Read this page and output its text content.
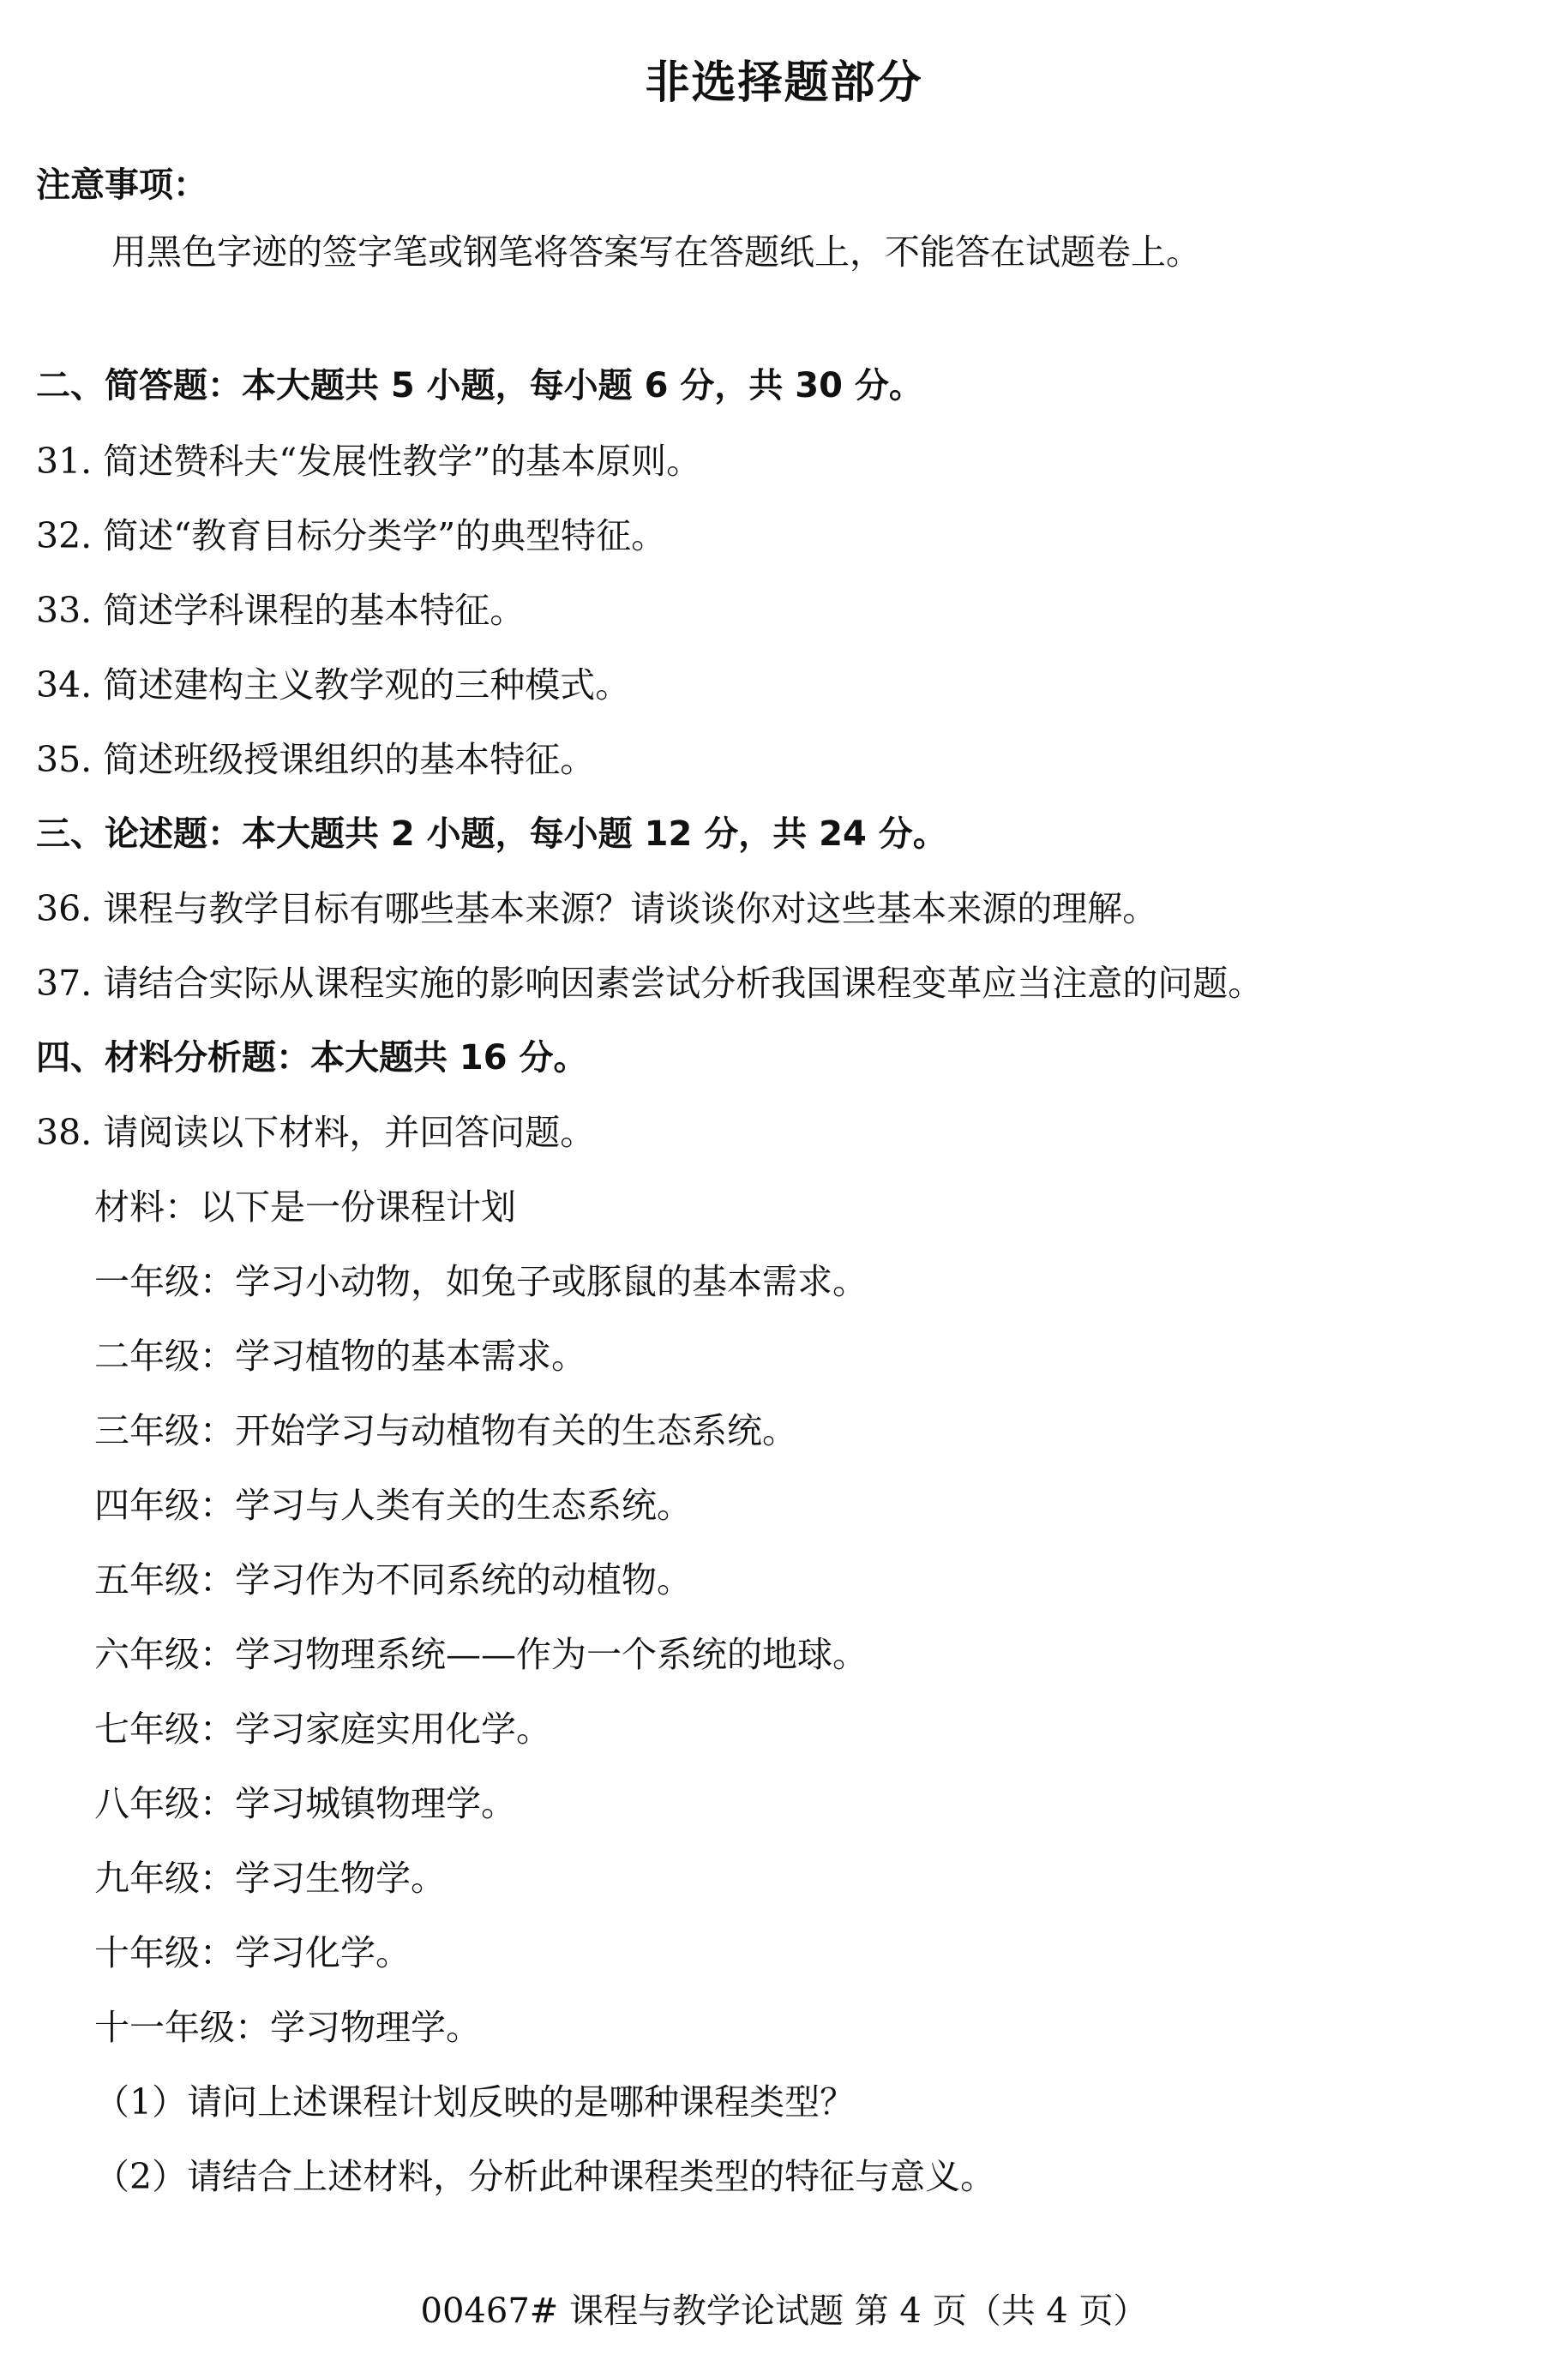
非选择题部分
注意事项：
用黑色字迹的签字笔或钢笔将答案写在答题纸上，不能答在试题卷上。
二、简答题：本大题共 5 小题，每小题 6 分，共 30 分。
31. 简述赞科夫“发展性教学”的基本原则。
32. 简述“教育目标分类学”的典型特征。
33. 简述学科课程的基本特征。
34. 简述建构主义教学观的三种模式。
35. 简述班级授课组织的基本特征。
三、论述题：本大题共 2 小题，每小题 12 分，共 24 分。
36. 课程与教学目标有哪些基本来源？请谈谈你对这些基本来源的理解。
37. 请结合实际从课程实施的影响因素尝试分析我国课程变革应当注意的问题。
四、材料分析题：本大题共 16 分。
38. 请阅读以下材料，并回答问题。
材料：以下是一份课程计划
一年级：学习小动物，如兔子或豚鼠的基本需求。
二年级：学习植物的基本需求。
三年级：开始学习与动植物有关的生态系统。
四年级：学习与人类有关的生态系统。
五年级：学习作为不同系统的动植物。
六年级：学习物理系统——作为一个系统的地球。
七年级：学习家庭实用化学。
八年级：学习城镇物理学。
九年级：学习生物学。
十年级：学习化学。
十一年级：学习物理学。
（1）请问上述课程计划反映的是哪种课程类型？
（2）请结合上述材料，分析此种课程类型的特征与意义。
00467# 课程与教学论试题 第 4 页（共 4 页）
